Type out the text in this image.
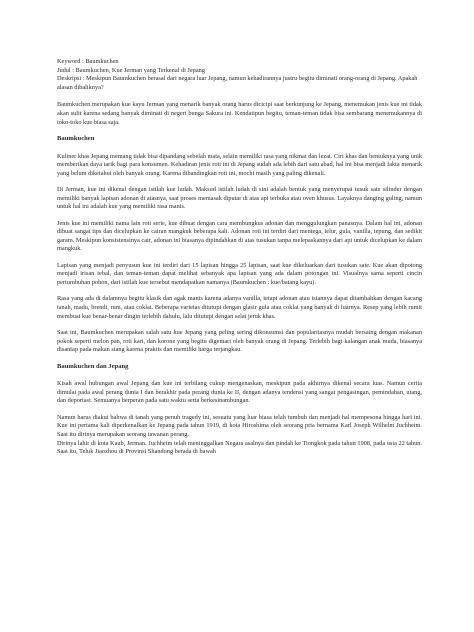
Keyword : Baumkuchen
Judul : Baumkuchen, Kue Jerman yang Terkenal di Jepang
Deskripsi : Meskipun Baumkuchen berasal dari negara luar Jepang, namun kehadirannya justru begitu diminati orang-orang di Jepang. Apakah alasan dibaliknya?

Baumkuchen merupakan kue kayu Jerman yang menarik banyak orang harus dicicipi saat berkunjung ke Jepang, menemukan jenis kue ini tidak akan sulit karena sedang banyak diminati di negeri bunga Sakura ini. Kendatipun begitu, teman-teman tidak bisa sembarang menemukannya di toko-toko kue biasa saja.

Baumkuchen

Kuliner khas Jepang memang tidak bisa dipandang sebelah mata, selain memiliki rasa yang nikmat dan lezat. Ciri khas dan bentuknya yang unik memberikan daya tarik bagi para konsumen. Kehadiran jenis roti ini di Jepang sudah ada lebih dari satu abad, hal ini bisa menjadi fakta menarik yang belum diketahui oleh banyak orang. Karena dibandingkan roti ini, mochi masih yang paling dikenali.

Di Jerman, kue ini dikenal dengan istilah kue ludah. Maksud istilah ludah di sini adalah bentuk yang menyerupai tusuk sate silinder dengan memiliki banyak lapisan adonan di atasnya, saat proses memasak diputar di atas api terbuka atau oven khusus. Layaknya danging guling, namun untuk hal ini adalah kue yang memiliki rasa manis.

Jenis kue ini memiliki nama lain roti serie, kue dibuat dengan cara membungkus adonan dan menggulungkan panasnya. Dalam hal ini, adonan dibuat sangat tips dan dicelupkan ke cairan mangkuk beberapa kali. Adonan roti ini terdiri dari mentega, telur, gula, vanilla, tepung, dan sedikit garam. Meskipun konsistensinya cair, adonan ini biasanya dipindahkan di atas tusukan tanpa melepaskannya dari api untuk dicelupkan ke dalam mangkuk.

Lapisan yang menjadi penyusun kue ini terdiri dari 15 lapisan hingga 25 lapisan, saat kue dikeluarkan dari tusukan sate. Kue akan dipotong menjadi irisan tebal, dan teman-teman dapat melihat sebanyak apa lapisan yang ada dalam potongan ini. Visualnya sama seperti cincin pertumbuhan pohon, dari istilah kue tersebut mendapatkan namanya (Baumkuchen : kue/batang kayu).

Rasa yang ada di dalamnya begitu klasik dan agak manis karena adanya vanilla, tetapi adonan atau isiannya dapat ditambahkan dengan kacang tanah, madu, brendi, rum, atau coklat. Beberapa varietas ditutupi dengan glasir gula atau coklat yang banyak di luarnya. Resep yang lebih rumit membuat kue benar-benar dingin terlebih dahulu, lalu ditutupi dengan selai jeruk khas.

Saat ini, Baumkuchen merupakan salah satu kue Jepang yang peling sering dikonsumsi dan popularitasnya mudah bersaing dengan makanan pokok seperti melon pan, roti kari, dan korone yang begitu digemari oleh banyak orang di Jepang. Terlebih bagi kalangan anak muda, biasanya disantap pada makan siang karena praktis dan memiliki harga terjangkau.

Baumkuchen dan Jepang

Kisah awal hubungan awal Jepang dan kue ini terbilang cukup mengenaskan, meskipun pada akhirnya dikenal secara luas. Namun cerita dimulai pada awal perang dunia I dan berakhir pada perang dunia ke II, dengan adanya tendensi yang sangat pengasingan, pemindahan, utang, dan deportasi. Semuanya berperan pada satu waktu serta berkesinambungan.

Namun harus diakui bahwa di tanah yang penuh tragedy ini, sesuatu yang luar biasa telah tumbuh dan menjadi hal mempesona hingga hari ini. Kue ini pertama kali diperkenalkan ke Jepang pada tahun 1919, di kota Hiroshima oleh seorang pria bernama Karl Joseph Wilhelm Juchheim. Saat itu dirinya merupakan seorang tawanan perang.

Dirinya lahir di kota Kaub, Jerman. Juchheim telah meninggalkan Negara asalnya dan pindah ke Tiongkok pada tahun 1908, pada usia 22 tahun. Saat itu, Teluk Jiaozhou di Provinsi Shandong berada di bawah
